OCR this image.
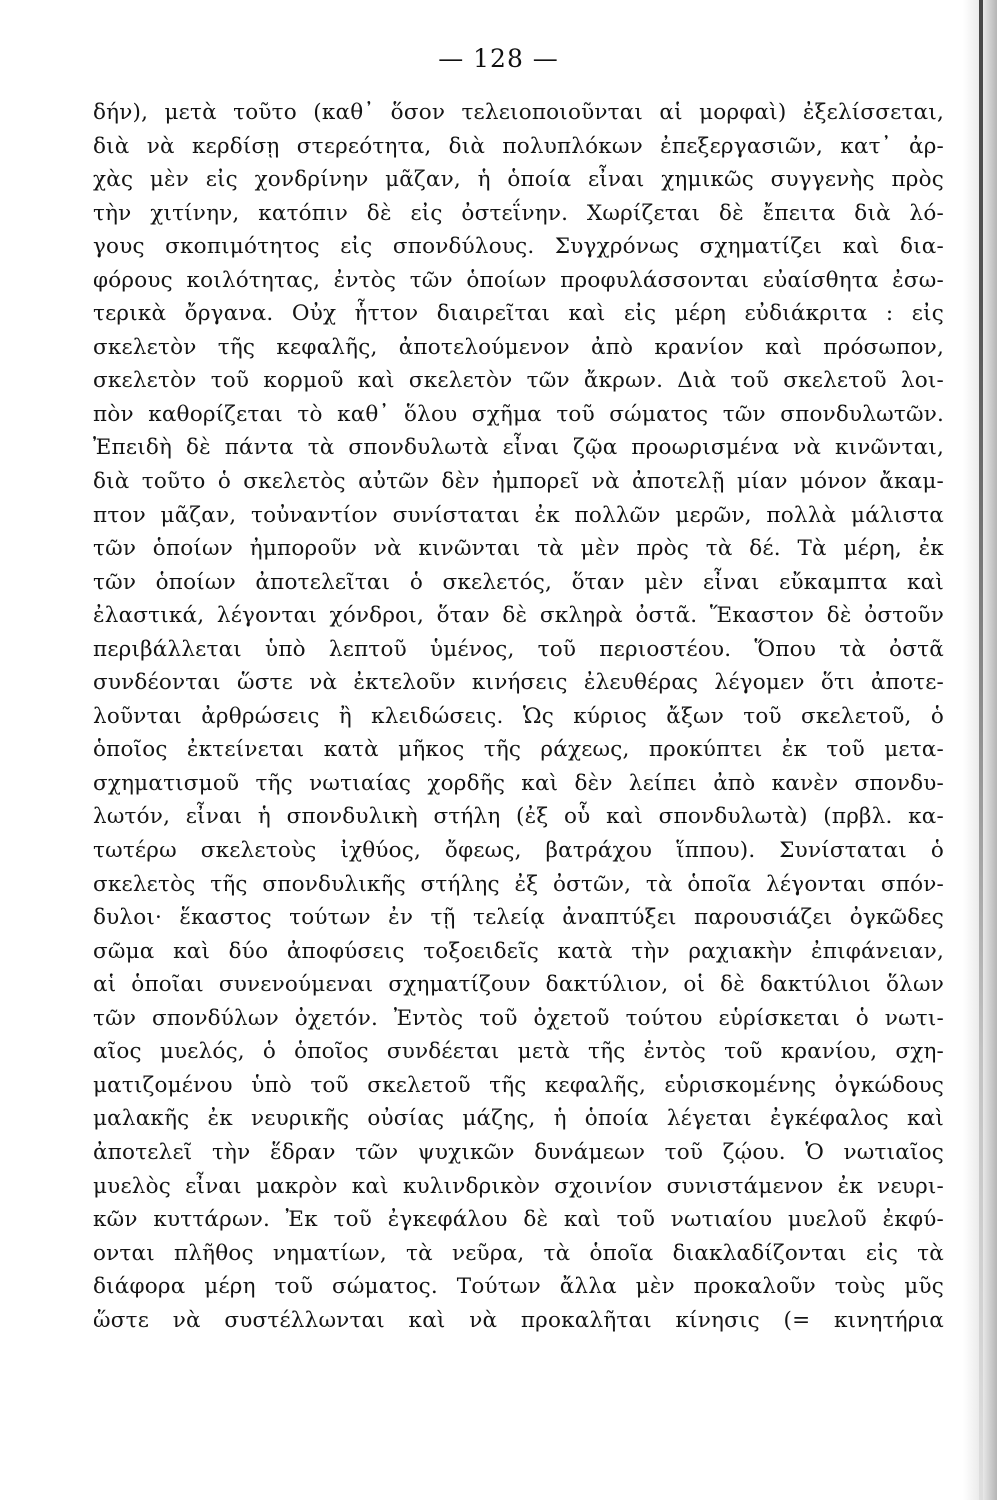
— 128 —
δήν), μετὰ τοῦτο (καθ᾿ ὅσον τελειοποιοῦνται αἱ μορφαὶ) ἐξελίσσεται,
διὰ νὰ κερδίσῃ στερεότητα, διὰ πολυπλόκων ἐπεξεργασιῶν, κατ᾿ ἀρ-
χὰς μὲν εἰς χονδρίνην μᾶζαν, ἡ ὁποία εἶναι χημικῶς συγγενὴς πρὸς
τὴν χιτίνην, κατόπιν δὲ εἰς ὀστεΐνην. Χωρίζεται δὲ ἔπειτα διὰ λό-
γους σκοπιμότητος εἰς σπονδύλους. Συγχρόνως σχηματίζει καὶ δια-
φόρους κοιλότητας, ἐντὸς τῶν ὁποίων προφυλάσσονται εὐαίσθητα ἐσω-
τερικὰ ὄργανα. Οὐχ ἧττον διαιρεῖται καὶ εἰς μέρη εὐδιάκριτα : εἰς
σκελετὸν τῆς κεφαλῆς, ἀποτελούμενον ἀπὸ κρανίον καὶ πρόσωπον,
σκελετὸν τοῦ κορμοῦ καὶ σκελετὸν τῶν ἄκρων. Διὰ τοῦ σκελετοῦ λοι-
πὸν καθορίζεται τὸ καθ᾿ ὅλου σχῆμα τοῦ σώματος τῶν σπονδυλωτῶν.
Ἐπειδὴ δὲ πάντα τὰ σπονδυλωτὰ εἶναι ζῷα προωρισμένα νὰ κινῶνται,
διὰ τοῦτο ὁ σκελετὸς αὐτῶν δὲν ἠμπορεῖ νὰ ἀποτελῇ μίαν μόνον ἄκαμ-
πτον μᾶζαν, τοὐναντίον συνίσταται ἐκ πολλῶν μερῶν, πολλὰ μάλιστα
τῶν ὁποίων ἠμποροῦν νὰ κινῶνται τὰ μὲν πρὸς τὰ δέ. Τὰ μέρη, ἐκ
τῶν ὁποίων ἀποτελεῖται ὁ σκελετός, ὅταν μὲν εἶναι εὔκαμπτα καὶ
ἐλαστικά, λέγονται χόνδροι, ὅταν δὲ σκληρὰ ὀστᾶ. Ἕκαστον δὲ ὀστοῦν
περιβάλλεται ὑπὸ λεπτοῦ ὑμένος, τοῦ περιοστέου. Ὅπου τὰ ὀστᾶ
συνδέονται ὥστε νὰ ἐκτελοῦν κινήσεις ἐλευθέρας λέγομεν ὅτι ἀποτε-
λοῦνται ἀρθρώσεις ἢ κλειδώσεις. Ὡς κύριος ἄξων τοῦ σκελετοῦ, ὁ
ὁποῖος ἐκτείνεται κατὰ μῆκος τῆς ράχεως, προκύπτει ἐκ τοῦ μετα-
σχηματισμοῦ τῆς νωτιαίας χορδῆς καὶ δὲν λείπει ἀπὸ κανὲν σπονδυ-
λωτόν, εἶναι ἡ σπονδυλικὴ στήλη (ἐξ οὗ καὶ σπονδυλωτὰ) (πρβλ. κα-
τωτέρω σκελετοὺς ἰχθύος, ὄφεως, βατράχου ἵππου). Συνίσταται ὁ
σκελετὸς τῆς σπονδυλικῆς στήλης ἐξ ὀστῶν, τὰ ὁποῖα λέγονται σπόν-
δυλοι· ἕκαστος τούτων ἐν τῇ τελείᾳ ἀναπτύξει παρουσιάζει ὀγκῶδες
σῶμα καὶ δύο ἀποφύσεις τοξοειδεῖς κατὰ τὴν ραχιακὴν ἐπιφάνειαν,
αἱ ὁποῖαι συνενούμεναι σχηματίζουν δακτύλιον, οἱ δὲ δακτύλιοι ὅλων
τῶν σπονδύλων ὀχετόν. Ἐντὸς τοῦ ὀχετοῦ τούτου εὑρίσκεται ὁ νωτι-
αῖος μυελός, ὁ ὁποῖος συνδέεται μετὰ τῆς ἐντὸς τοῦ κρανίου, σχη-
ματιζομένου ὑπὸ τοῦ σκελετοῦ τῆς κεφαλῆς, εὑρισκομένης ὀγκώδους
μαλακῆς ἐκ νευρικῆς οὐσίας μάζης, ἡ ὁποία λέγεται ἐγκέφαλος καὶ
ἀποτελεῖ τὴν ἕδραν τῶν ψυχικῶν δυνάμεων τοῦ ζῴου. Ὁ νωτιαῖος
μυελὸς εἶναι μακρὸν καὶ κυλινδρικὸν σχοινίον συνιστάμενον ἐκ νευρι-
κῶν κυττάρων. Ἐκ τοῦ ἐγκεφάλου δὲ καὶ τοῦ νωτιαίου μυελοῦ ἐκφύ-
ονται πλῆθος νηματίων, τὰ νεῦρα, τὰ ὁποῖα διακλαδίζονται εἰς τὰ
διάφορα μέρη τοῦ σώματος. Τούτων ἄλλα μὲν προκαλοῦν τοὺς μῦς
ὥστε νὰ συστέλλωνται καὶ νὰ προκαλῆται κίνησις (= κινητήρια
